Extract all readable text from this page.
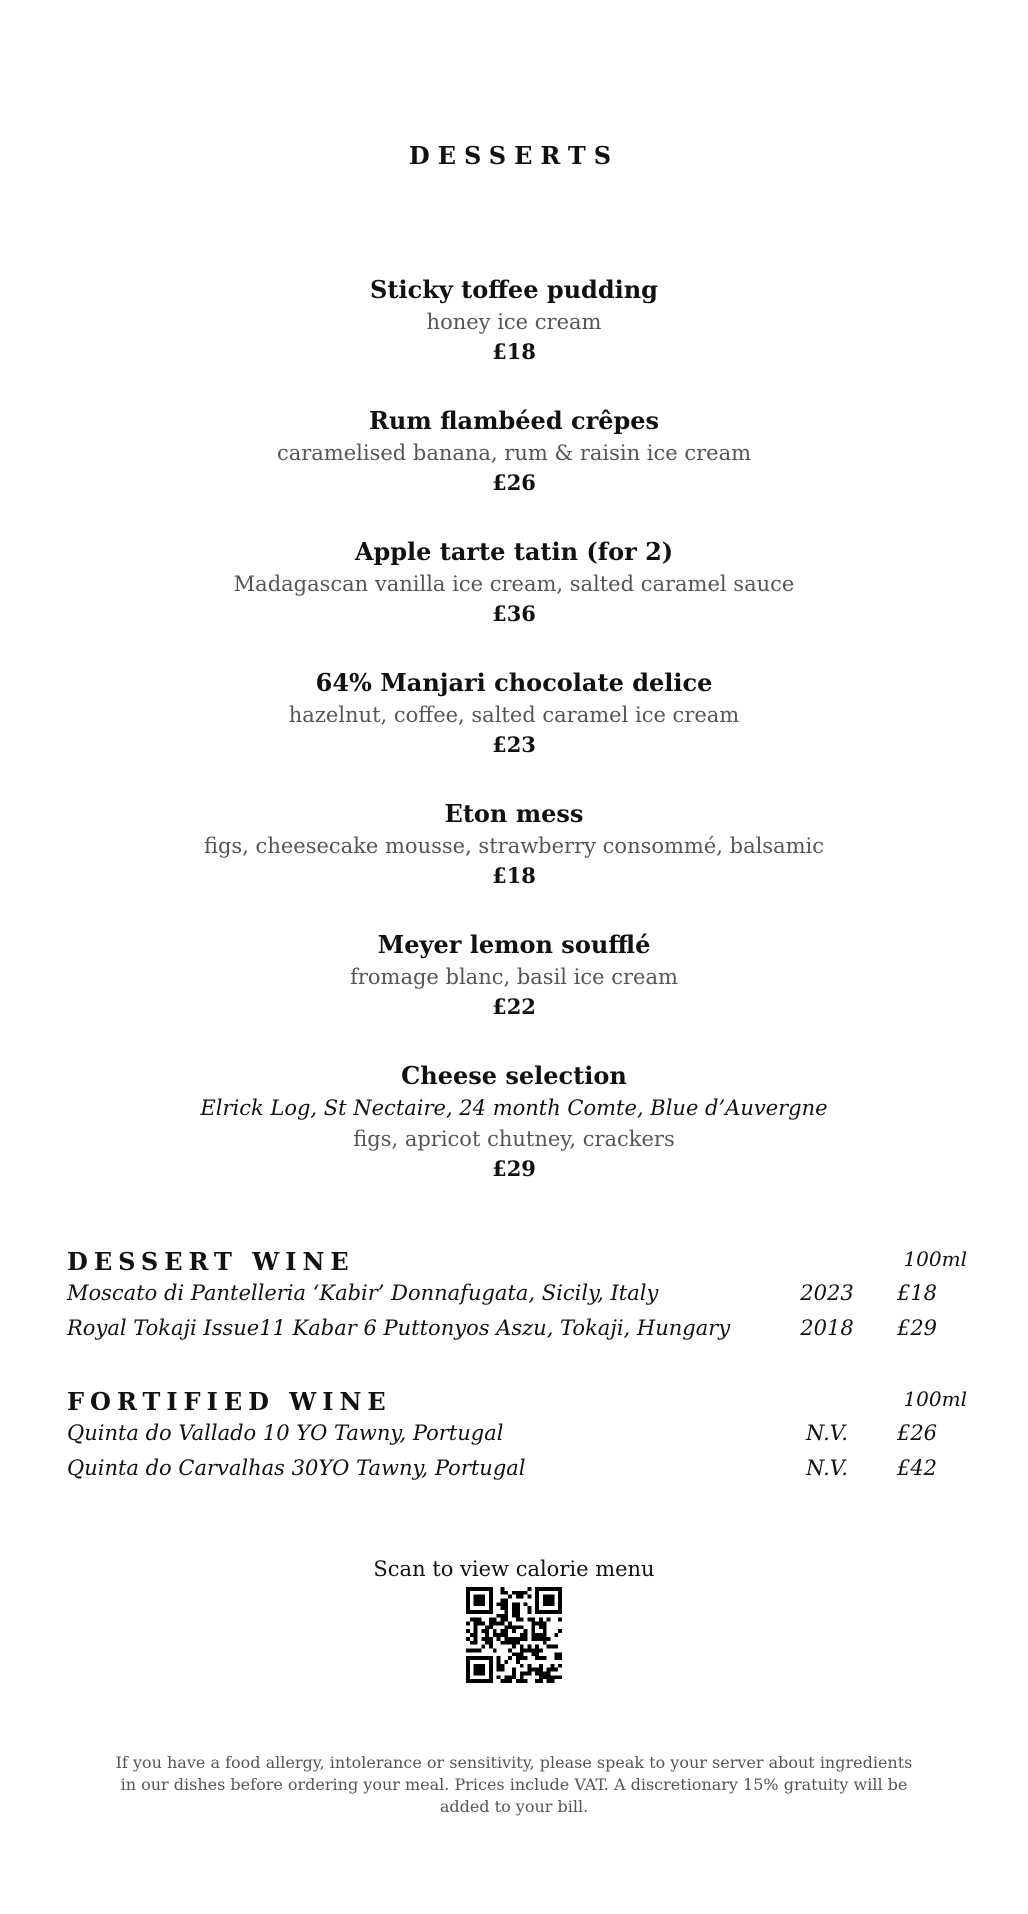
DESSERTS
Sticky toffee pudding
honey ice cream
£18
Rum flambéed crêpes
caramelised banana, rum & raisin ice cream
£26
Apple tarte tatin (for 2)
Madagascan vanilla ice cream, salted caramel sauce
£36
64% Manjari chocolate delice
hazelnut, coffee, salted caramel ice cream
£23
Eton mess
figs, cheesecake mousse, strawberry consommé, balsamic
£18
Meyer lemon soufflé
fromage blanc, basil ice cream
£22
Cheese selection
Elrick Log, St Nectaire, 24 month Comte, Blue d’Auvergne
figs, apricot chutney, crackers
£29
DESSERT WINE	100ml
Moscato di Pantelleria ‘Kabir’ Donnafugata, Sicily, Italy	2023	£18
Royal Tokaji Issue11 Kabar 6 Puttonyos Aszu, Tokaji, Hungary	2018	£29
FORTIFIED WINE	100ml
Quinta do Vallado 10 YO Tawny, Portugal	N.V.	£26
Quinta do Carvalhas 30YO Tawny, Portugal	N.V.	£42
Scan to view calorie menu
If you have a food allergy, intolerance or sensitivity, please speak to your server about ingredients in our dishes before ordering your meal. Prices include VAT. A discretionary 15% gratuity will be added to your bill.
